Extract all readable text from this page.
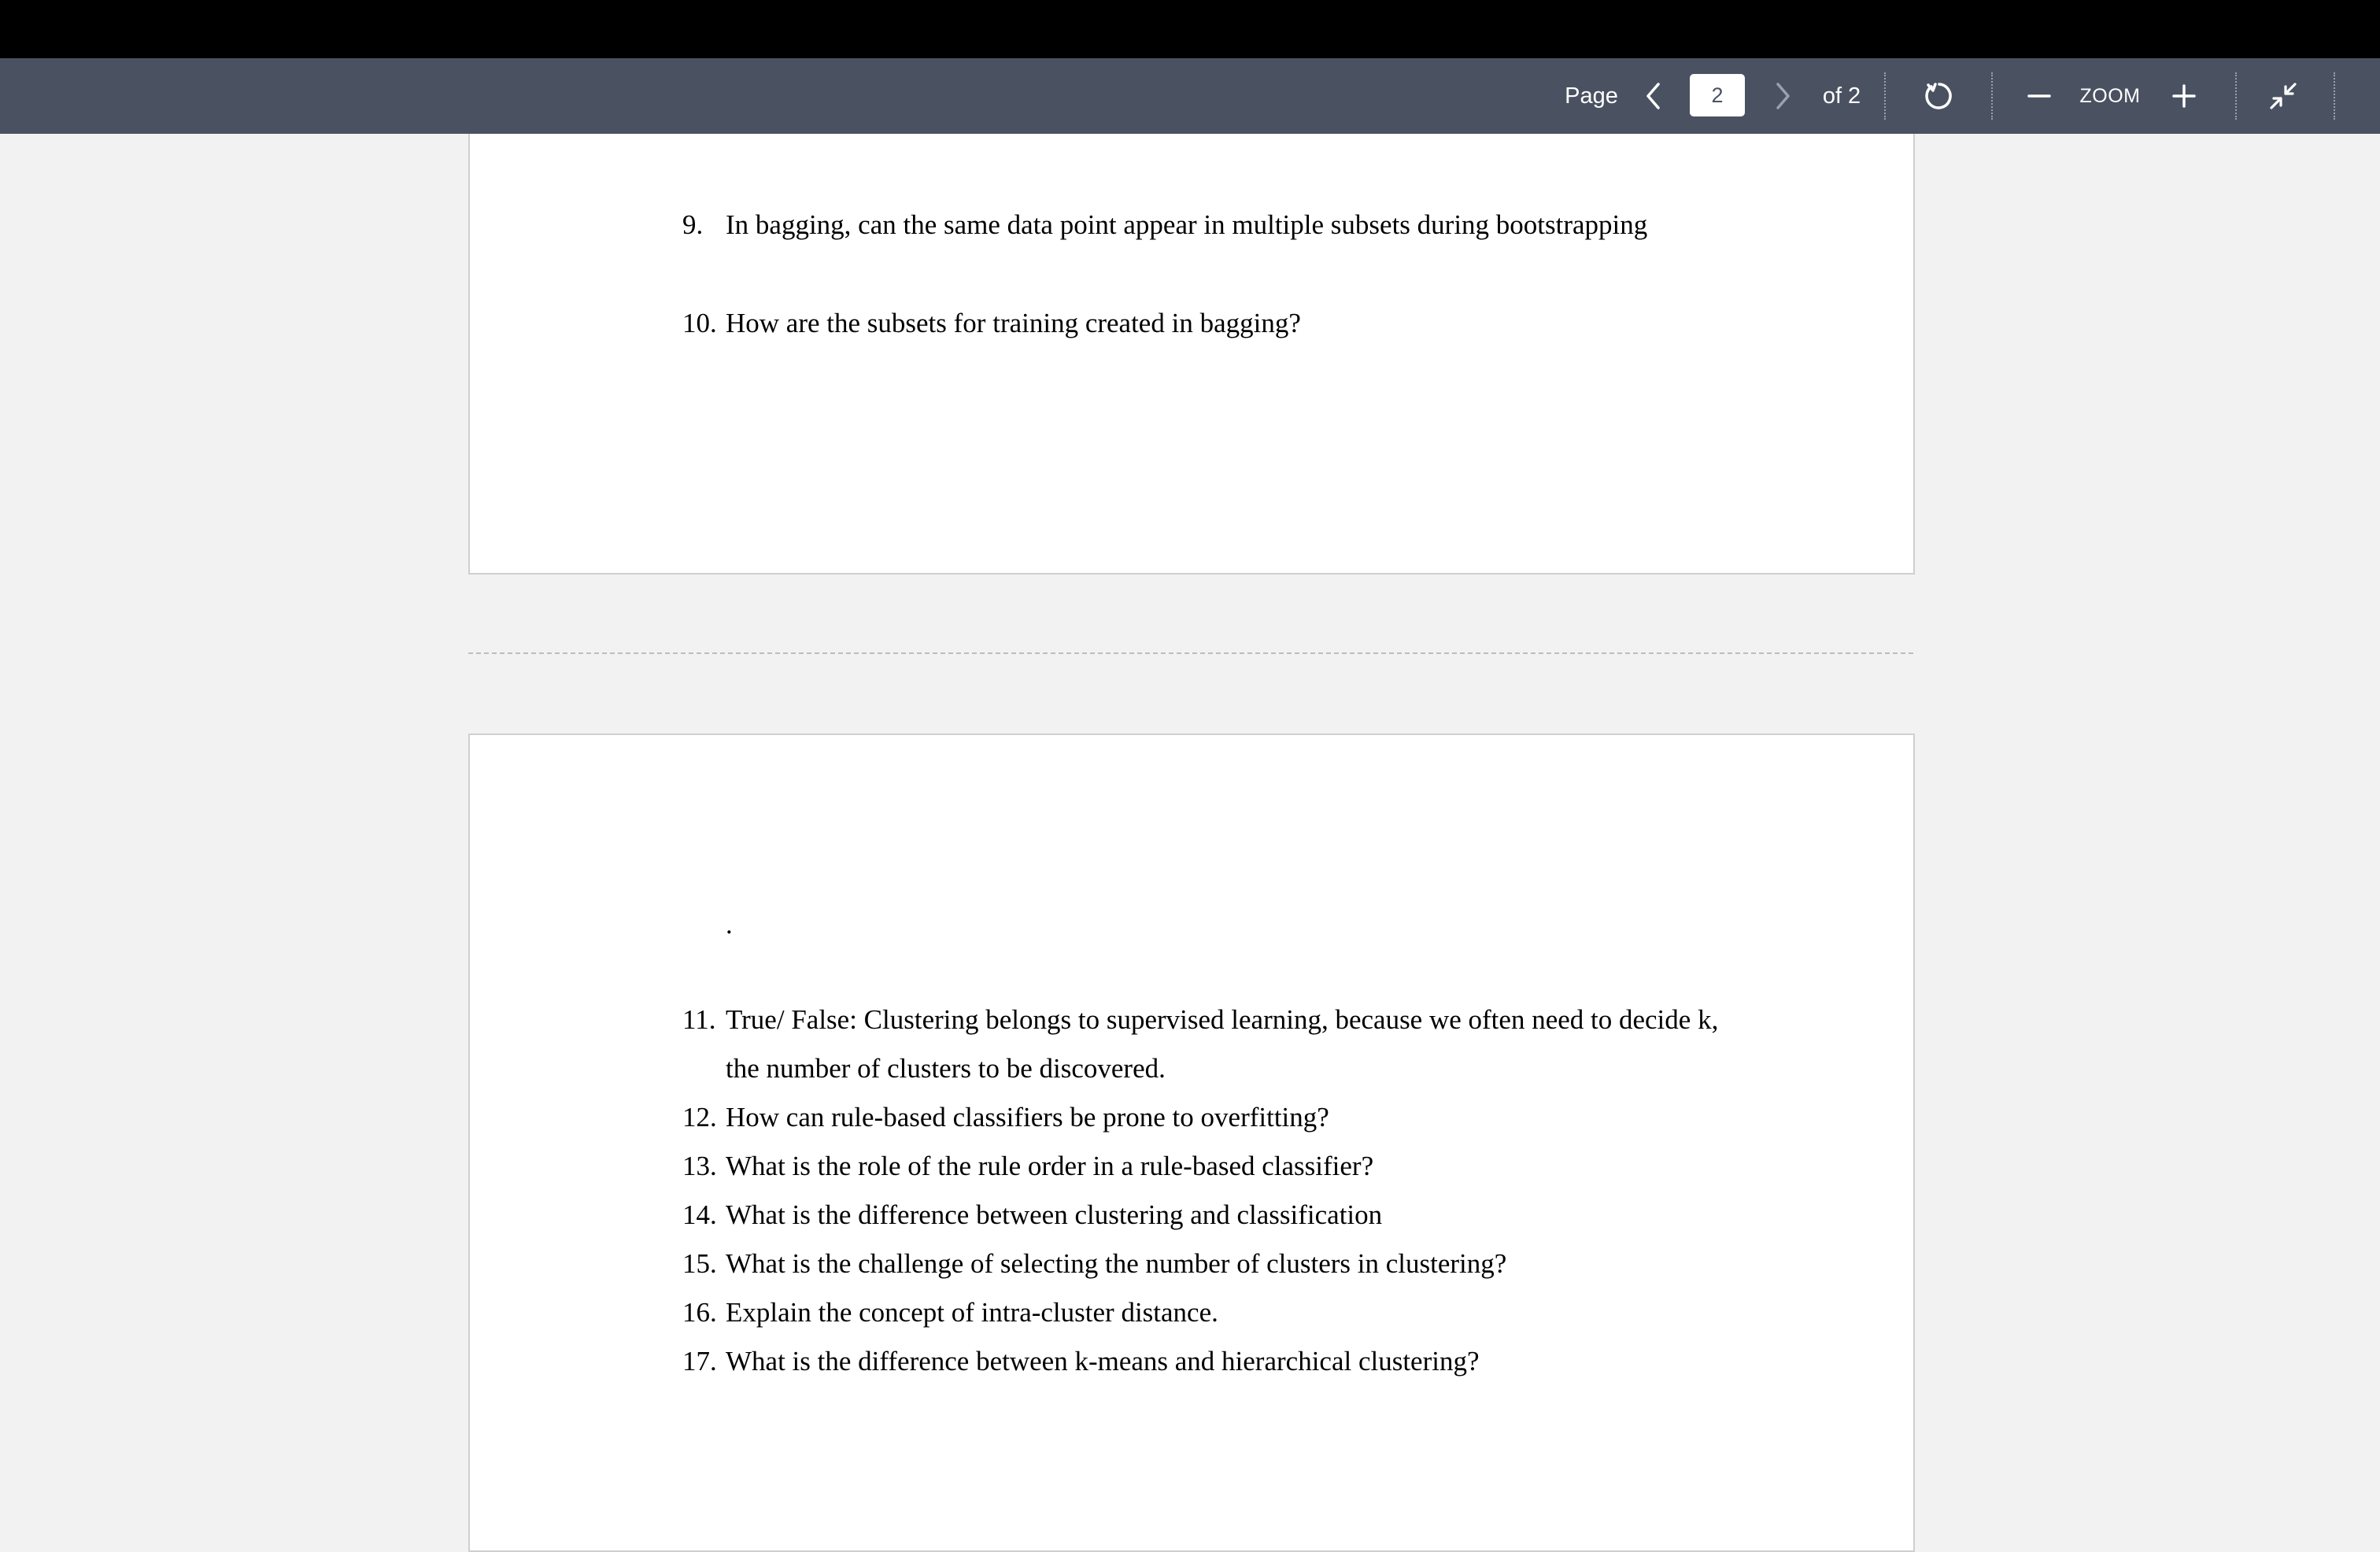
Page
2	of 2	ZOOM
9. In bagging, can the same data point appear in multiple subsets during bootstrapping
10. How are the subsets for training created in bagging?
.
11. True/ False: Clustering belongs to supervised learning, because we often need to decide k,
the number of clusters to be discovered.
12. How can rule-based classifiers be prone to overfitting?
13. What is the role of the rule order in a rule-based classifier?
14. What is the difference between clustering and classification
15. What is the challenge of selecting the number of clusters in clustering?
16. Explain the concept of intra-cluster distance.
17. What is the difference between k-means and hierarchical clustering?
